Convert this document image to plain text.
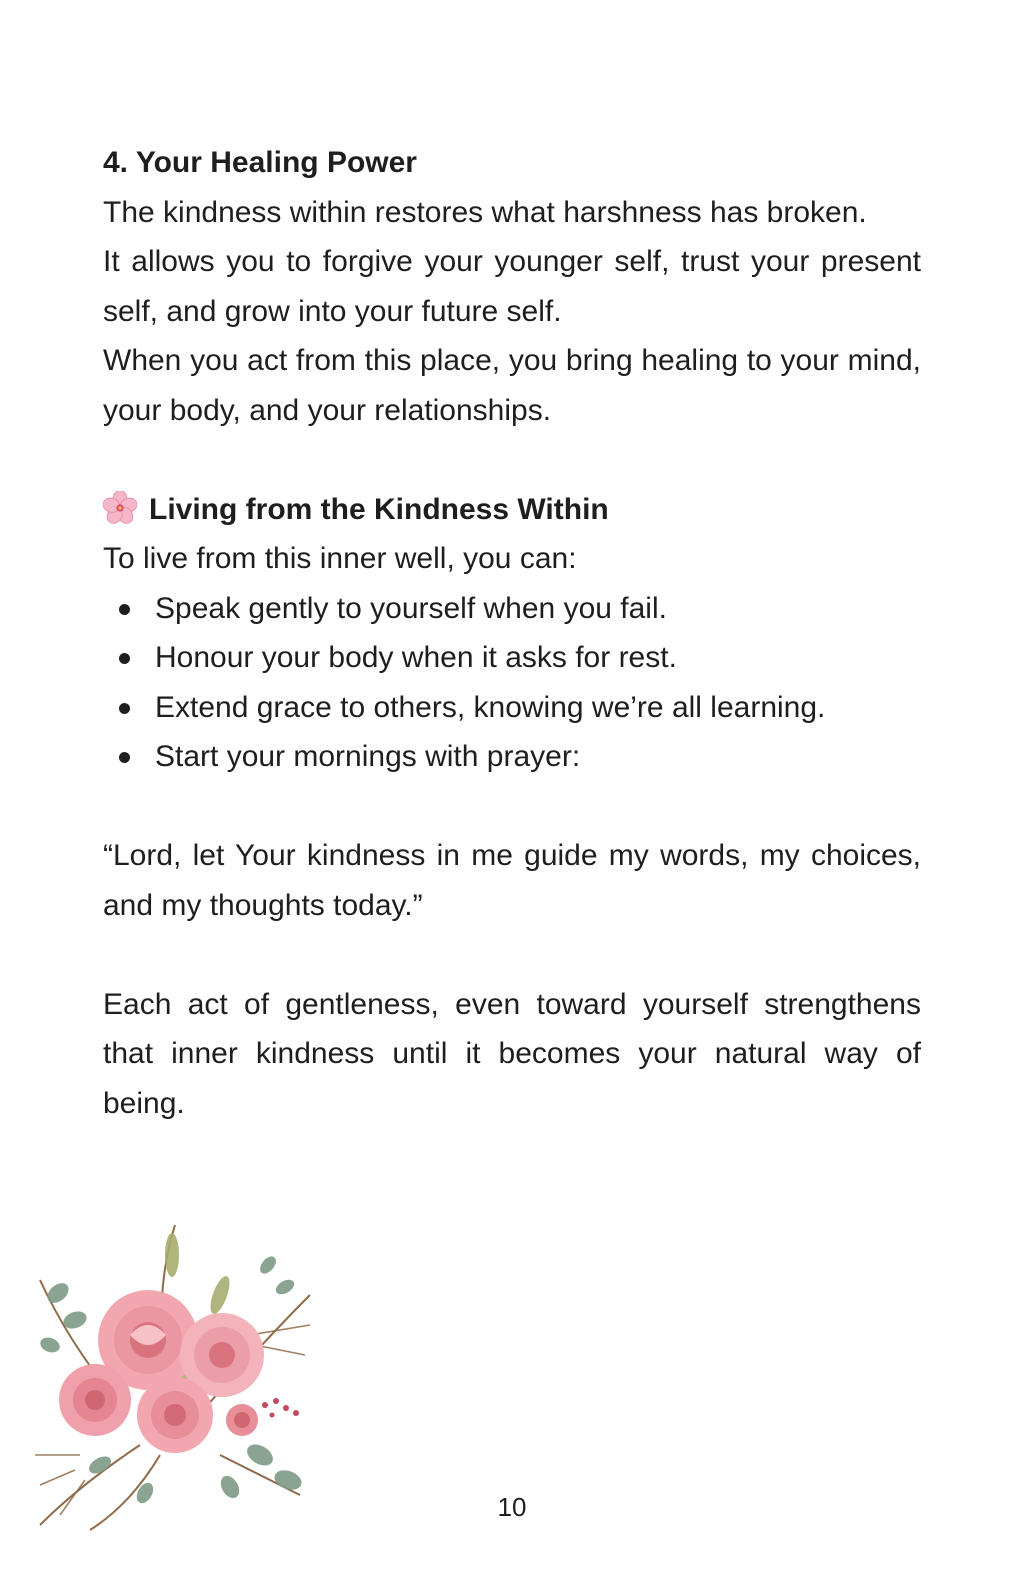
4. Your Healing Power

The kindness within restores what harshness has broken.

It allows you to forgive your younger self, trust your present self, and grow into your future self.

When you act from this place, you bring healing to your mind, your body, and your relationships.

Living from the Kindness Within

To live from this inner well, you can:

Speak gently to yourself when you fail.
Honour your body when it asks for rest.
Extend grace to others, knowing we’re all learning.
Start your mornings with prayer:

“Lord, let Your kindness in me guide my words, my choices, and my thoughts today.”

Each act of gentleness, even toward yourself strengthens that inner kindness until it becomes your natural way of being.

10
